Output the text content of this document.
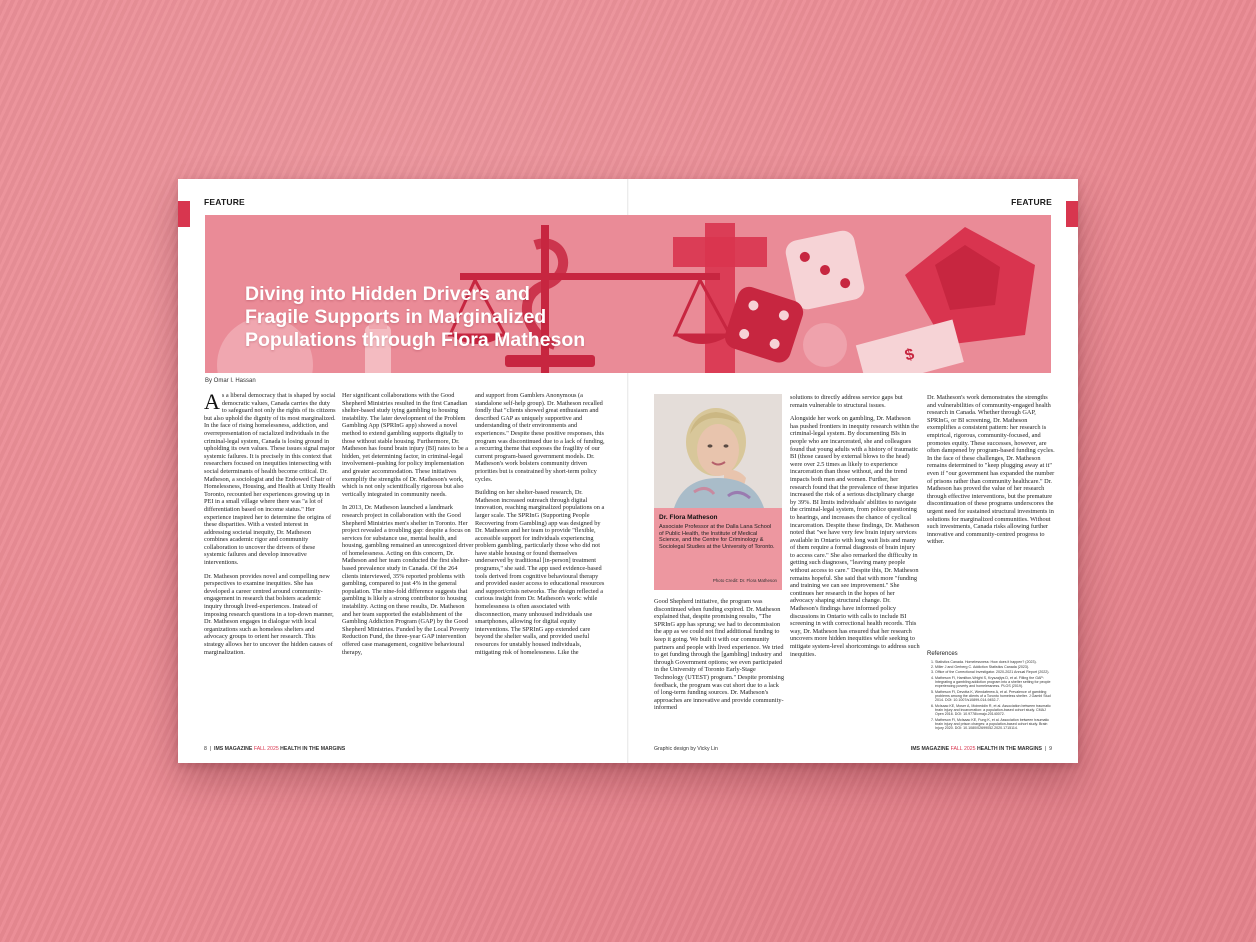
FEATURE	FEATURE
$
Diving into Hidden Drivers and
Fragile Supports in Marginalized
Populations through Flora Matheson
By Omar I. Hassan

As a liberal democracy that is shaped by social democratic values, Canada carries the duty to safeguard not only the rights of its citizens but also uphold the dignity of its most marginalized. In the face of rising homelessness, addiction, and overrepresentation of racialized individuals in the criminal-legal system, Canada is losing ground in upholding its own values. These issues signal major systemic failures. It is precisely in this context that researchers focused on inequities intersecting with social determinants of health become critical. Dr. Matheson, a sociologist and the Endowed Chair of Homelessness, Housing, and Health at Unity Health Toronto, recounted her experiences growing up in PEI in a small village where there was "a lot of differentiation based on income status." Her experience inspired her to determine the origins of these disparities. With a vested interest in addressing societal inequity, Dr. Matheson combines academic rigor and community collaboration to uncover the drivers of these systemic failures and develop innovative interventions.

Dr. Matheson provides novel and compelling new perspectives to examine inequities. She has developed a career centred around community-engagement in research that bolsters academic inquiry through lived-experiences. Instead of imposing research questions in a top-down manner, Dr. Matheson engages in dialogue with local organizations such as homeless shelters and advocacy groups to orient her research. This strategy allows her to uncover the hidden causes of marginalization.

Her significant collaborations with the Good Shepherd Ministries resulted in the first Canadian shelter-based study tying gambling to housing instability. The later development of the Problem Gambling App (SPRInG app) showed a novel method to extend gambling supports digitally to those without stable housing. Furthermore, Dr. Matheson has found brain injury (BI) rates to be a hidden, yet determining factor, in criminal-legal involvement–pushing for policy implementation and greater accommodation. These initiatives exemplify the strengths of Dr. Matheson's work, which is not only scientifically rigorous but also vertically integrated in community needs.

In 2013, Dr. Matheson launched a landmark research project in collaboration with the Good Shepherd Ministries men's shelter in Toronto. Her project revealed a troubling gap: despite a focus on services for substance use, mental health, and housing, gambling remained an unrecognized driver of homelessness. Acting on this concern, Dr. Matheson and her team conducted the first shelter-based prevalence study in Canada. Of the 264 clients interviewed, 35% reported problems with gambling, compared to just 4% in the general population. The nine-fold difference suggests that gambling is likely a strong contributor to housing instability. Acting on these results, Dr. Matheson and her team supported the establishment of the Gambling Addiction Program (GAP) by the Good Shepherd Ministries. Funded by the Local Poverty Reduction Fund, the three-year GAP intervention offered case management, cognitive behavioural therapy,

and support from Gamblers Anonymous (a standalone self-help group). Dr. Matheson recalled fondly that "clients showed great enthusiasm and described GAP as uniquely supportive and understanding of their environments and experiences." Despite these positive responses, this program was discontinued due to a lack of funding, a recurring theme that exposes the fragility of our current program-based government models. Dr. Matheson's work bolsters community driven priorities but is constrained by short-term policy cycles.

Building on her shelter-based research, Dr. Matheson increased outreach through digital innovation, reaching marginalized populations on a larger scale. The SPRInG (Supporting People Recovering from Gambling) app was designed by Dr. Matheson and her team to provide "flexible, accessible support for individuals experiencing problem gambling, particularly those who did not have stable housing or found themselves underserved by traditional [in-person] treatment programs," she said. The app used evidence-based tools derived from cognitive behavioural therapy and provided easier access to educational resources and support/crisis networks. The design reflected a curious insight from Dr. Matheson's work: while homelessness is often associated with disconnection, many unhoused individuals use smartphones, allowing for digital equity interventions. The SPRInG app extended care beyond the shelter walls, and provided useful resources for unstably housed individuals, mitigating risk of homelessness. Like the

Dr. Flora Matheson
Associate Professor at the Dalla Lana School of Public Health, the Institute of Medical Science, and the Centre for Criminology & Sociolegal Studies at the University of Toronto.
Photo Credit: Dr. Flora Matheson

Good Shepherd initiative, the program was discontinued when funding expired. Dr. Matheson explained that, despite promising results, "The SPRInG app has sprung; we had to decommission the app as we could not find additional funding to keep it going. We built it with our community partners and people with lived experience. We tried to get funding through the [gambling] industry and through Government options; we even participated in the University of Toronto Early-Stage Technology (UTEST) program." Despite promising feedback, the program was cut short due to a lack of long-term funding sources. Dr. Matheson's approaches are innovative and provide community-informed

solutions to directly address service gaps but remain vulnerable to structural issues.

Alongside her work on gambling, Dr. Matheson has pushed frontiers in inequity research within the criminal-legal system. By documenting BIs in people who are incarcerated, she and colleagues found that young adults with a history of traumatic BI (those caused by external blows to the head) were over 2.5 times as likely to experience incarceration than those without, and the trend impacts both men and women. Further, her research found that the prevalence of these injuries increased the risk of a serious disciplinary charge by 39%. BI limits individuals' abilities to navigate the criminal-legal system, from police questioning to hearings, and increases the chance of cyclical incarceration. Despite these findings, Dr. Matheson noted that "we have very few brain injury services available in Ontario with long wait lists and many of them require a formal diagnosis of brain injury to access care." She also remarked the difficulty in getting such diagnoses, "leaving many people without access to care." Despite this, Dr. Matheson remains hopeful. She said that with more "funding and training we can see improvement." She continues her research in the hopes of her advocacy shaping structural change. Dr. Matheson's findings have informed policy discussions in Ontario with calls to include BI screening in with correctional health records. This way, Dr. Matheson has ensured that her research uncovers more hidden inequities while seeking to mitigate system-level shortcomings to address such inequities.

Dr. Matheson's work demonstrates the strengths and vulnerabilities of community-engaged health research in Canada. Whether through GAP, SPRInG, or BI screening, Dr. Matheson exemplifies a consistent pattern: her research is empirical, rigorous, community-focused, and promotes equity. These successes, however, are often dampened by program-based funding cycles. In the face of these challenges, Dr. Matheson remains determined to "keep plugging away at it" even if "our government has expanded the number of prisons rather than community healthcare." Dr. Matheson has proved the value of her research through effective interventions, but the premature discontinuation of these programs underscores the urgent need for sustained structural investments in solutions for marginalized communities. Without such investments, Canada risks allowing further innovative and community-centred progress to wither.

References
1. Statistics Canada. Homelessness: How does it happen? (2023).
2. Miller J and Gerberg C. Addiction Statistics Canada (2023).
3. Office of the Correctional Investigator. 2020-2021 Annual Report (2022).
4. Matheson FI, Hamilton-Wright S, Kryszajtys D, et al. Filling the GAP: Integrating a gambling addiction program into a shelter setting for people experiencing poverty and homelessness. PLOS (2019).
5. Matheson FI, Devotta K, Wendaferew A, et al. Prevalence of gambling problems among the clients of a Toronto homeless shelter. J Gambl Stud 2014. DOI: 10.1007/s10899-014-9452-7.
6. McIsaac KE, Moser A, Moineddin R, et al. Association between traumatic brain injury and incarceration: a population-based cohort study. CMAJ Open 2016. DOI: 10.9778/cmajo.20140072.
7. Matheson FI, McIsaac KE, Fung K, et al. Association between traumatic brain injury and prison charges: a population-based cohort study. Brain Injury 2020. DOI: 10.1080/02699052.2020.1715114.
8  |  IMS MAGAZINE FALL 2025 HEALTH IN THE MARGINS	Graphic design by Vicky Lin	IMS MAGAZINE FALL 2025 HEALTH IN THE MARGINS  |  9
